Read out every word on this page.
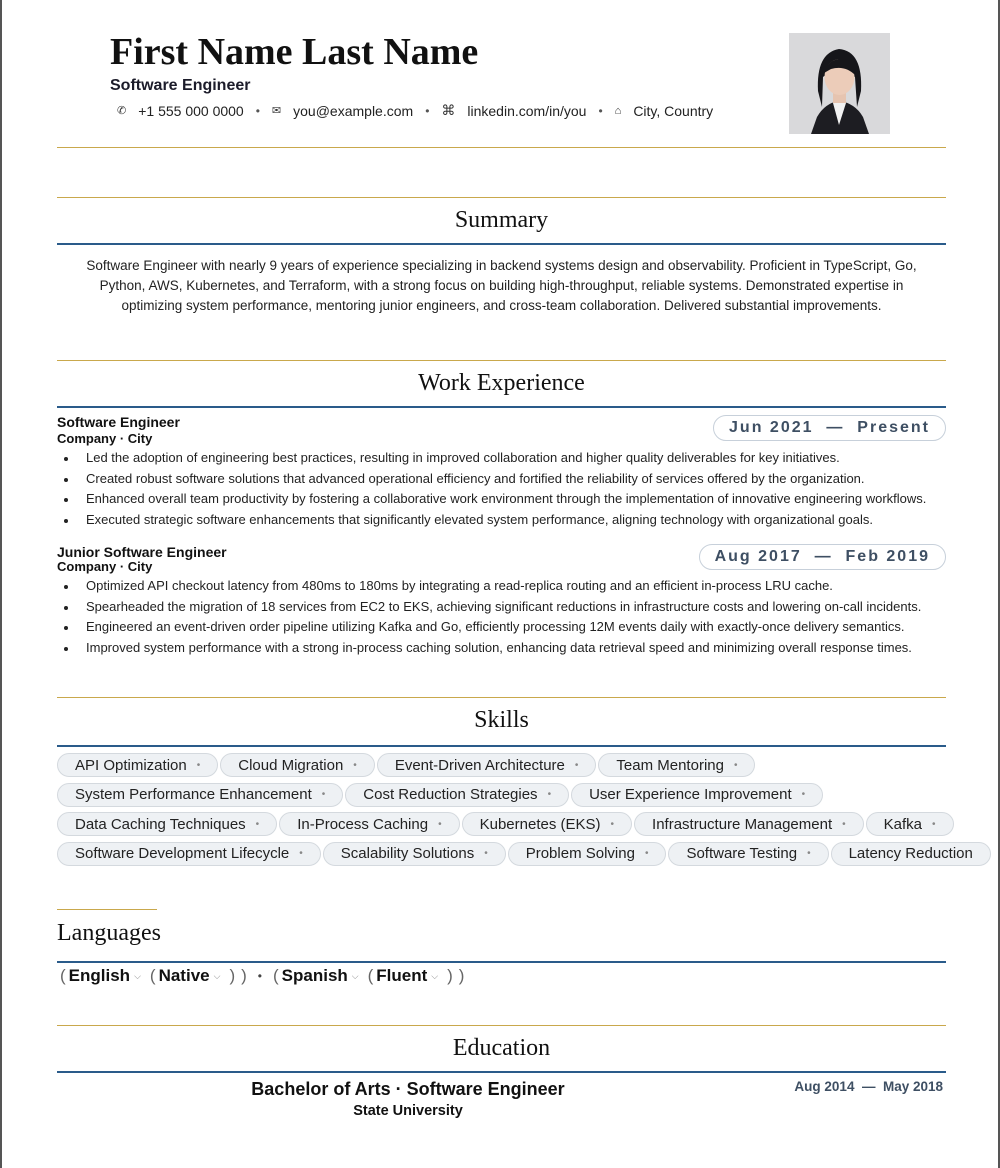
First Name Last Name

Software Engineer

✆ +1 555 000 0000 • ✉ you@example.com • ⌘ linkedin.com/in/you • ⌂ City, Country
Summary

Software Engineer with nearly 9 years of experience specializing in backend systems design and observability. Proficient in TypeScript, Go, Python, AWS, Kubernetes, and Terraform, with a strong focus on building high-throughput, reliable systems. Demonstrated expertise in optimizing system performance, mentoring junior engineers, and cross-team collaboration. Delivered substantial improvements.

Work Experience

Software Engineer

Company · City

Jun 2021  —  Present
Led the adoption of engineering best practices, resulting in improved collaboration and higher quality deliverables for key initiatives.
Created robust software solutions that advanced operational efficiency and fortified the reliability of services offered by the organization.
Enhanced overall team productivity by fostering a collaborative work environment through the implementation of innovative engineering workflows.
Executed strategic software enhancements that significantly elevated system performance, aligning technology with organizational goals.

Junior Software Engineer

Company · City

Aug 2017  —  Feb 2019
Optimized API checkout latency from 480ms to 180ms by integrating a read-replica routing and an efficient in-process LRU cache.
Spearheaded the migration of 18 services from EC2 to EKS, achieving significant reductions in infrastructure costs and lowering on-call incidents.
Engineered an event-driven order pipeline utilizing Kafka and Go, efficiently processing 12M events daily with exactly-once delivery semantics.
Improved system performance with a strong in-process caching solution, enhancing data retrieval speed and minimizing overall response times.
Skills
API Optimization •	Cloud Migration •	Event-Driven Architecture •	Team Mentoring •
System Performance Enhancement •	Cost Reduction Strategies •	User Experience Improvement •
Data Caching Techniques •	In-Process Caching •	Kubernetes (EKS) •	Infrastructure Management •	Kafka •
Software Development Lifecycle •	Scalability Solutions •	Problem Solving •	Software Testing •	Latency Reduction
Languages
( English ⌵ ( Native ⌵ ) ) • ( Spanish ⌵ ( Fluent ⌵ ) )
Education

Bachelor of Arts · Software Engineer

State University

Aug 2014  —  May 2018
